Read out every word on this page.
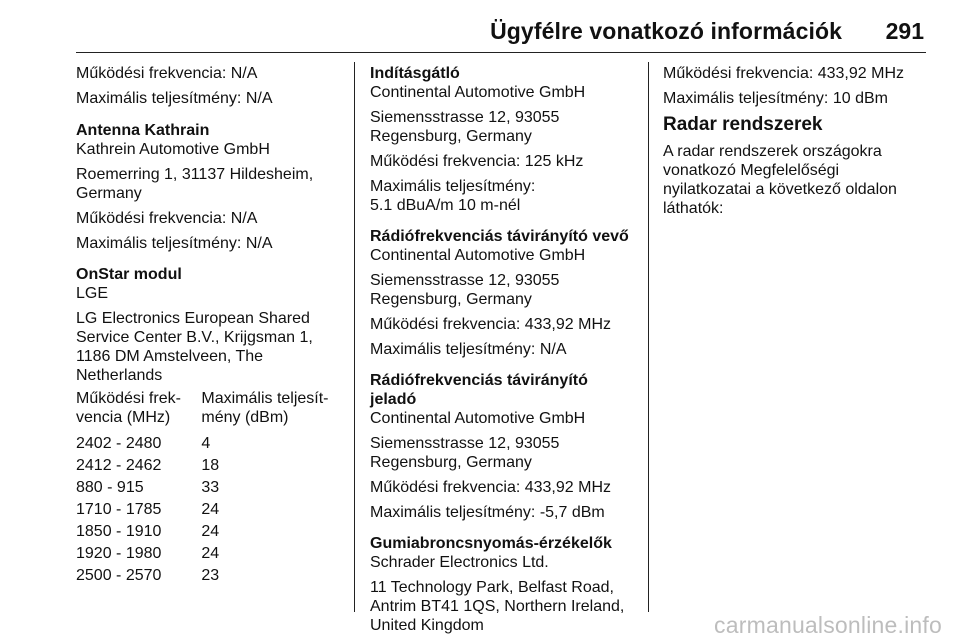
Ügyfélre vonatkozó információk 291
Működési frekvencia: N/A
Maximális teljesítmény: N/A
Antenna Kathrain
Kathrein Automotive GmbH
Roemerring 1, 31137 Hildesheim,
Germany
Működési frekvencia: N/A
Maximális teljesítmény: N/A
OnStar modul
LGE
LG Electronics European Shared
Service Center B.V., Krijgsman 1,
1186 DM Amstelveen, The
Netherlands
Működési frek-
vencia (MHz)	Maximális teljesít-
mény (dBm)

2402 - 2480	4
2412 - 2462	18
880 - 915	33
1710 - 1785	24
1850 - 1910	24
1920 - 1980	24
2500 - 2570	23
Indításgátló
Continental Automotive GmbH
Siemensstrasse 12, 93055
Regensburg, Germany
Működési frekvencia: 125 kHz
Maximális teljesítmény:
5.1 dBuA/m 10 m-nél
Rádiófrekvenciás távirányító vevő
Continental Automotive GmbH
Siemensstrasse 12, 93055
Regensburg, Germany
Működési frekvencia: 433,92 MHz
Maximális teljesítmény: N/A
Rádiófrekvenciás távirányító jeladó
Continental Automotive GmbH
Siemensstrasse 12, 93055
Regensburg, Germany
Működési frekvencia: 433,92 MHz
Maximális teljesítmény: -5,7 dBm
Gumiabroncsnyomás-érzékelők
Schrader Electronics Ltd.
11 Technology Park, Belfast Road,
Antrim BT41 1QS, Northern Ireland,
United Kingdom
Működési frekvencia: 433,92 MHz
Maximális teljesítmény: 10 dBm
Radar rendszerek
A radar rendszerek országokra
vonatkozó Megfelelőségi
nyilatkozatai a következő oldalon
láthatók:
carmanualsonline.info
